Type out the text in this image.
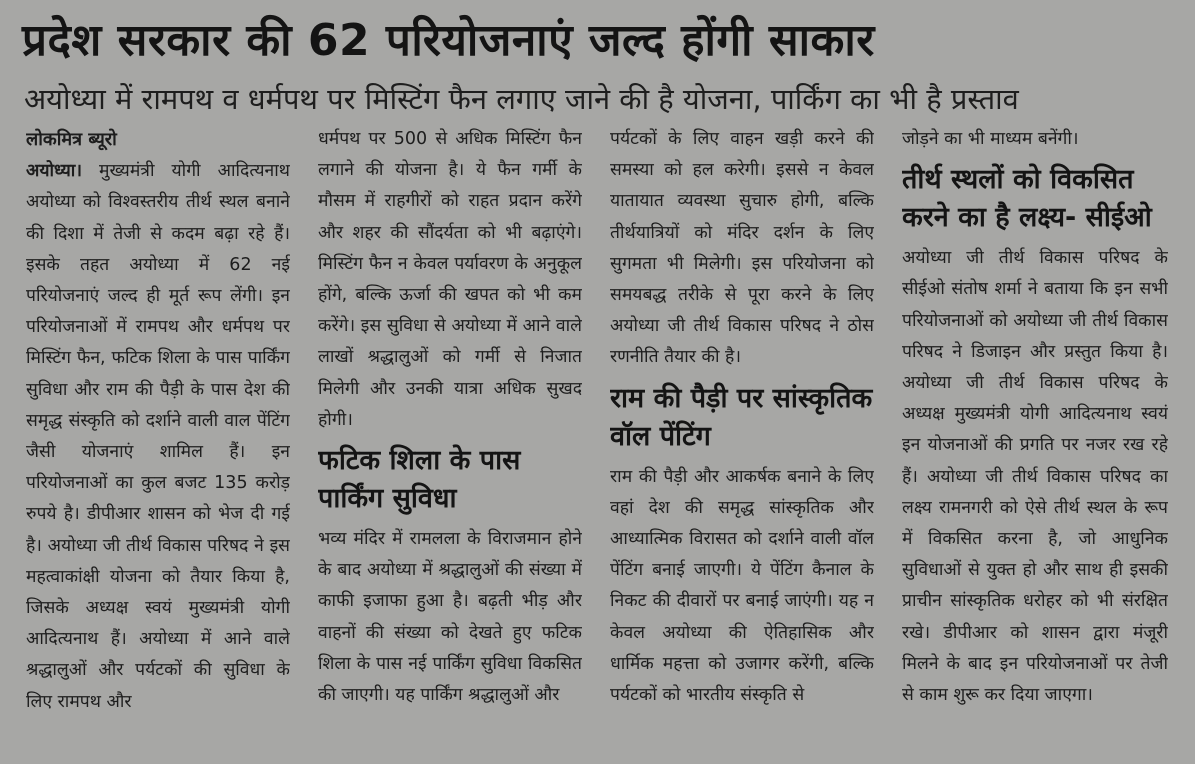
प्रदेश सरकार की 62 परियोजनाएं जल्द होंगी साकार
अयोध्या में रामपथ व धर्मपथ पर मिस्टिंग फैन लगाए जाने की है योजना, पार्किंग का भी है प्रस्ताव

लोकमित्र ब्यूरो

अयोध्या। मुख्यमंत्री योगी आदित्यनाथ अयोध्या को विश्वस्तरीय तीर्थ स्थल बनाने की दिशा में तेजी से कदम बढ़ा रहे हैं। इसके तहत अयोध्या में 62 नई परियोजनाएं जल्द ही मूर्त रूप लेंगी। इन परियोजनाओं में रामपथ और धर्मपथ पर मिस्टिंग फैन, फटिक शिला के पास पार्किंग सुविधा और राम की पैड़ी के पास देश की समृद्ध संस्कृति को दर्शाने वाली वाल पेंटिंग जैसी योजनाएं शामिल हैं। इन परियोजनाओं का कुल बजट 135 करोड़ रुपये है। डीपीआर शासन को भेज दी गई है। अयोध्या जी तीर्थ विकास परिषद ने इस महत्वाकांक्षी योजना को तैयार किया है, जिसके अध्यक्ष स्वयं मुख्यमंत्री योगी आदित्यनाथ हैं। अयोध्या में आने वाले श्रद्धालुओं और पर्यटकों की सुविधा के लिए रामपथ और

धर्मपथ पर 500 से अधिक मिस्टिंग फैन लगाने की योजना है। ये फैन गर्मी के मौसम में राहगीरों को राहत प्रदान करेंगे और शहर की सौंदर्यता को भी बढ़ाएंगे। मिस्टिंग फैन न केवल पर्यावरण के अनुकूल होंगे, बल्कि ऊर्जा की खपत को भी कम करेंगे। इस सुविधा से अयोध्या में आने वाले लाखों श्रद्धालुओं को गर्मी से निजात मिलेगी और उनकी यात्रा अधिक सुखद होगी।

फटिक शिला के पास पार्किंग सुविधा

भव्य मंदिर में रामलला के विराजमान होने के बाद अयोध्या में श्रद्धालुओं की संख्या में काफी इजाफा हुआ है। बढ़ती भीड़ और वाहनों की संख्या को देखते हुए फटिक शिला के पास नई पार्किंग सुविधा विकसित की जाएगी। यह पार्किंग श्रद्धालुओं और

पर्यटकों के लिए वाहन खड़ी करने की समस्या को हल करेगी। इससे न केवल यातायात व्यवस्था सुचारु होगी, बल्कि तीर्थयात्रियों को मंदिर दर्शन के लिए सुगमता भी मिलेगी। इस परियोजना को समयबद्ध तरीके से पूरा करने के लिए अयोध्या जी तीर्थ विकास परिषद ने ठोस रणनीति तैयार की है।

राम की पैड़ी पर सांस्कृतिक वॉल पेंटिंग

राम की पैड़ी और आकर्षक बनाने के लिए वहां देश की समृद्ध सांस्कृतिक और आध्यात्मिक विरासत को दर्शाने वाली वॉल पेंटिंग बनाई जाएगी। ये पेंटिंग कैनाल के निकट की दीवारों पर बनाई जाएंगी। यह न केवल अयोध्या की ऐतिहासिक और धार्मिक महत्ता को उजागर करेंगी, बल्कि पर्यटकों को भारतीय संस्कृति से

जोड़ने का भी माध्यम बनेंगी।

तीर्थ स्थलों को विकसित करने का है लक्ष्य- सीईओ

अयोध्या जी तीर्थ विकास परिषद के सीईओ संतोष शर्मा ने बताया कि इन सभी परियोजनाओं को अयोध्या जी तीर्थ विकास परिषद ने डिजाइन और प्रस्तुत किया है। अयोध्या जी तीर्थ विकास परिषद के अध्यक्ष मुख्यमंत्री योगी आदित्यनाथ स्वयं इन योजनाओं की प्रगति पर नजर रख रहे हैं। अयोध्या जी तीर्थ विकास परिषद का लक्ष्य रामनगरी को ऐसे तीर्थ स्थल के रूप में विकसित करना है, जो आधुनिक सुविधाओं से युक्त हो और साथ ही इसकी प्राचीन सांस्कृतिक धरोहर को भी संरक्षित रखे। डीपीआर को शासन द्वारा मंजूरी मिलने के बाद इन परियोजनाओं पर तेजी से काम शुरू कर दिया जाएगा।
